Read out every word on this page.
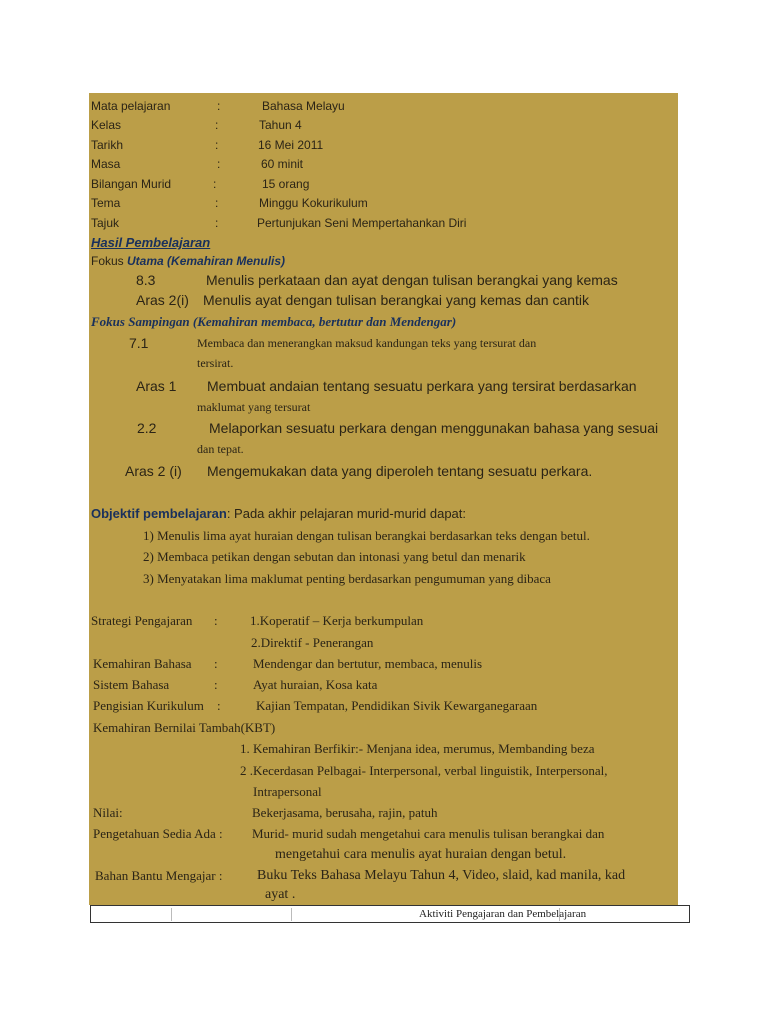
Mata pelajaran	:	Bahasa Melayu
Kelas	:	Tahun 4
Tarikh	:	16 Mei 2011
Masa	:	60 minit
Bilangan Murid	:	15 orang
Tema	:	Minggu Kokurikulum
Tajuk	:	Pertunjukan Seni Mempertahankan Diri
Hasil Pembelajaran
Fokus Utama (Kemahiran Menulis)
8.3	Menulis perkataan dan ayat dengan tulisan berangkai yang kemas
Aras 2(i) Menulis ayat dengan tulisan berangkai yang kemas dan cantik
Fokus Sampingan (Kemahiran membaca, bertutur dan Mendengar)
7.1	Membaca dan menerangkan maksud kandungan teks yang tersurat dan
tersirat.
Aras 1 Membuat andaian tentang sesuatu perkara yang tersirat berdasarkan
maklumat yang tersurat
2.2	Melaporkan sesuatu perkara dengan menggunakan bahasa yang sesuai
dan tepat.
Aras 2 (i) Mengemukakan data yang diperoleh tentang sesuatu perkara.
Objektif pembelajaran: Pada akhir pelajaran murid-murid dapat:
1) Menulis lima ayat huraian dengan tulisan berangkai berdasarkan teks dengan betul.
2) Membaca petikan dengan sebutan dan intonasi yang betul dan menarik
3) Menyatakan lima maklumat penting berdasarkan pengumuman yang dibaca
Strategi Pengajaran : 1.Koperatif – Kerja berkumpulan
2.Direktif - Penerangan
Kemahiran Bahasa :	Mendengar dan bertutur, membaca, menulis
Sistem Bahasa	:	Ayat huraian, Kosa kata
Pengisian Kurikulum :	Kajian Tempatan, Pendidikan Sivik Kewarganegaraan
Kemahiran Bernilai Tambah(KBT)
1. Kemahiran Berfikir:- Menjana idea, merumus, Membanding beza
2 .Kecerdasan Pelbagai- Interpersonal, verbal linguistik, Interpersonal,
Intrapersonal
Nilai:	Bekerjasama, berusaha, rajin, patuh
Pengetahuan Sedia Ada : Murid- murid sudah mengetahui cara menulis tulisan berangkai dan
mengetahui cara menulis ayat huraian dengan betul.
Bahan Bantu Mengajar : Buku Teks Bahasa Melayu Tahun 4, Video, slaid, kad manila, kad
ayat .
Aktiviti Pengajaran dan Pembelajaran
